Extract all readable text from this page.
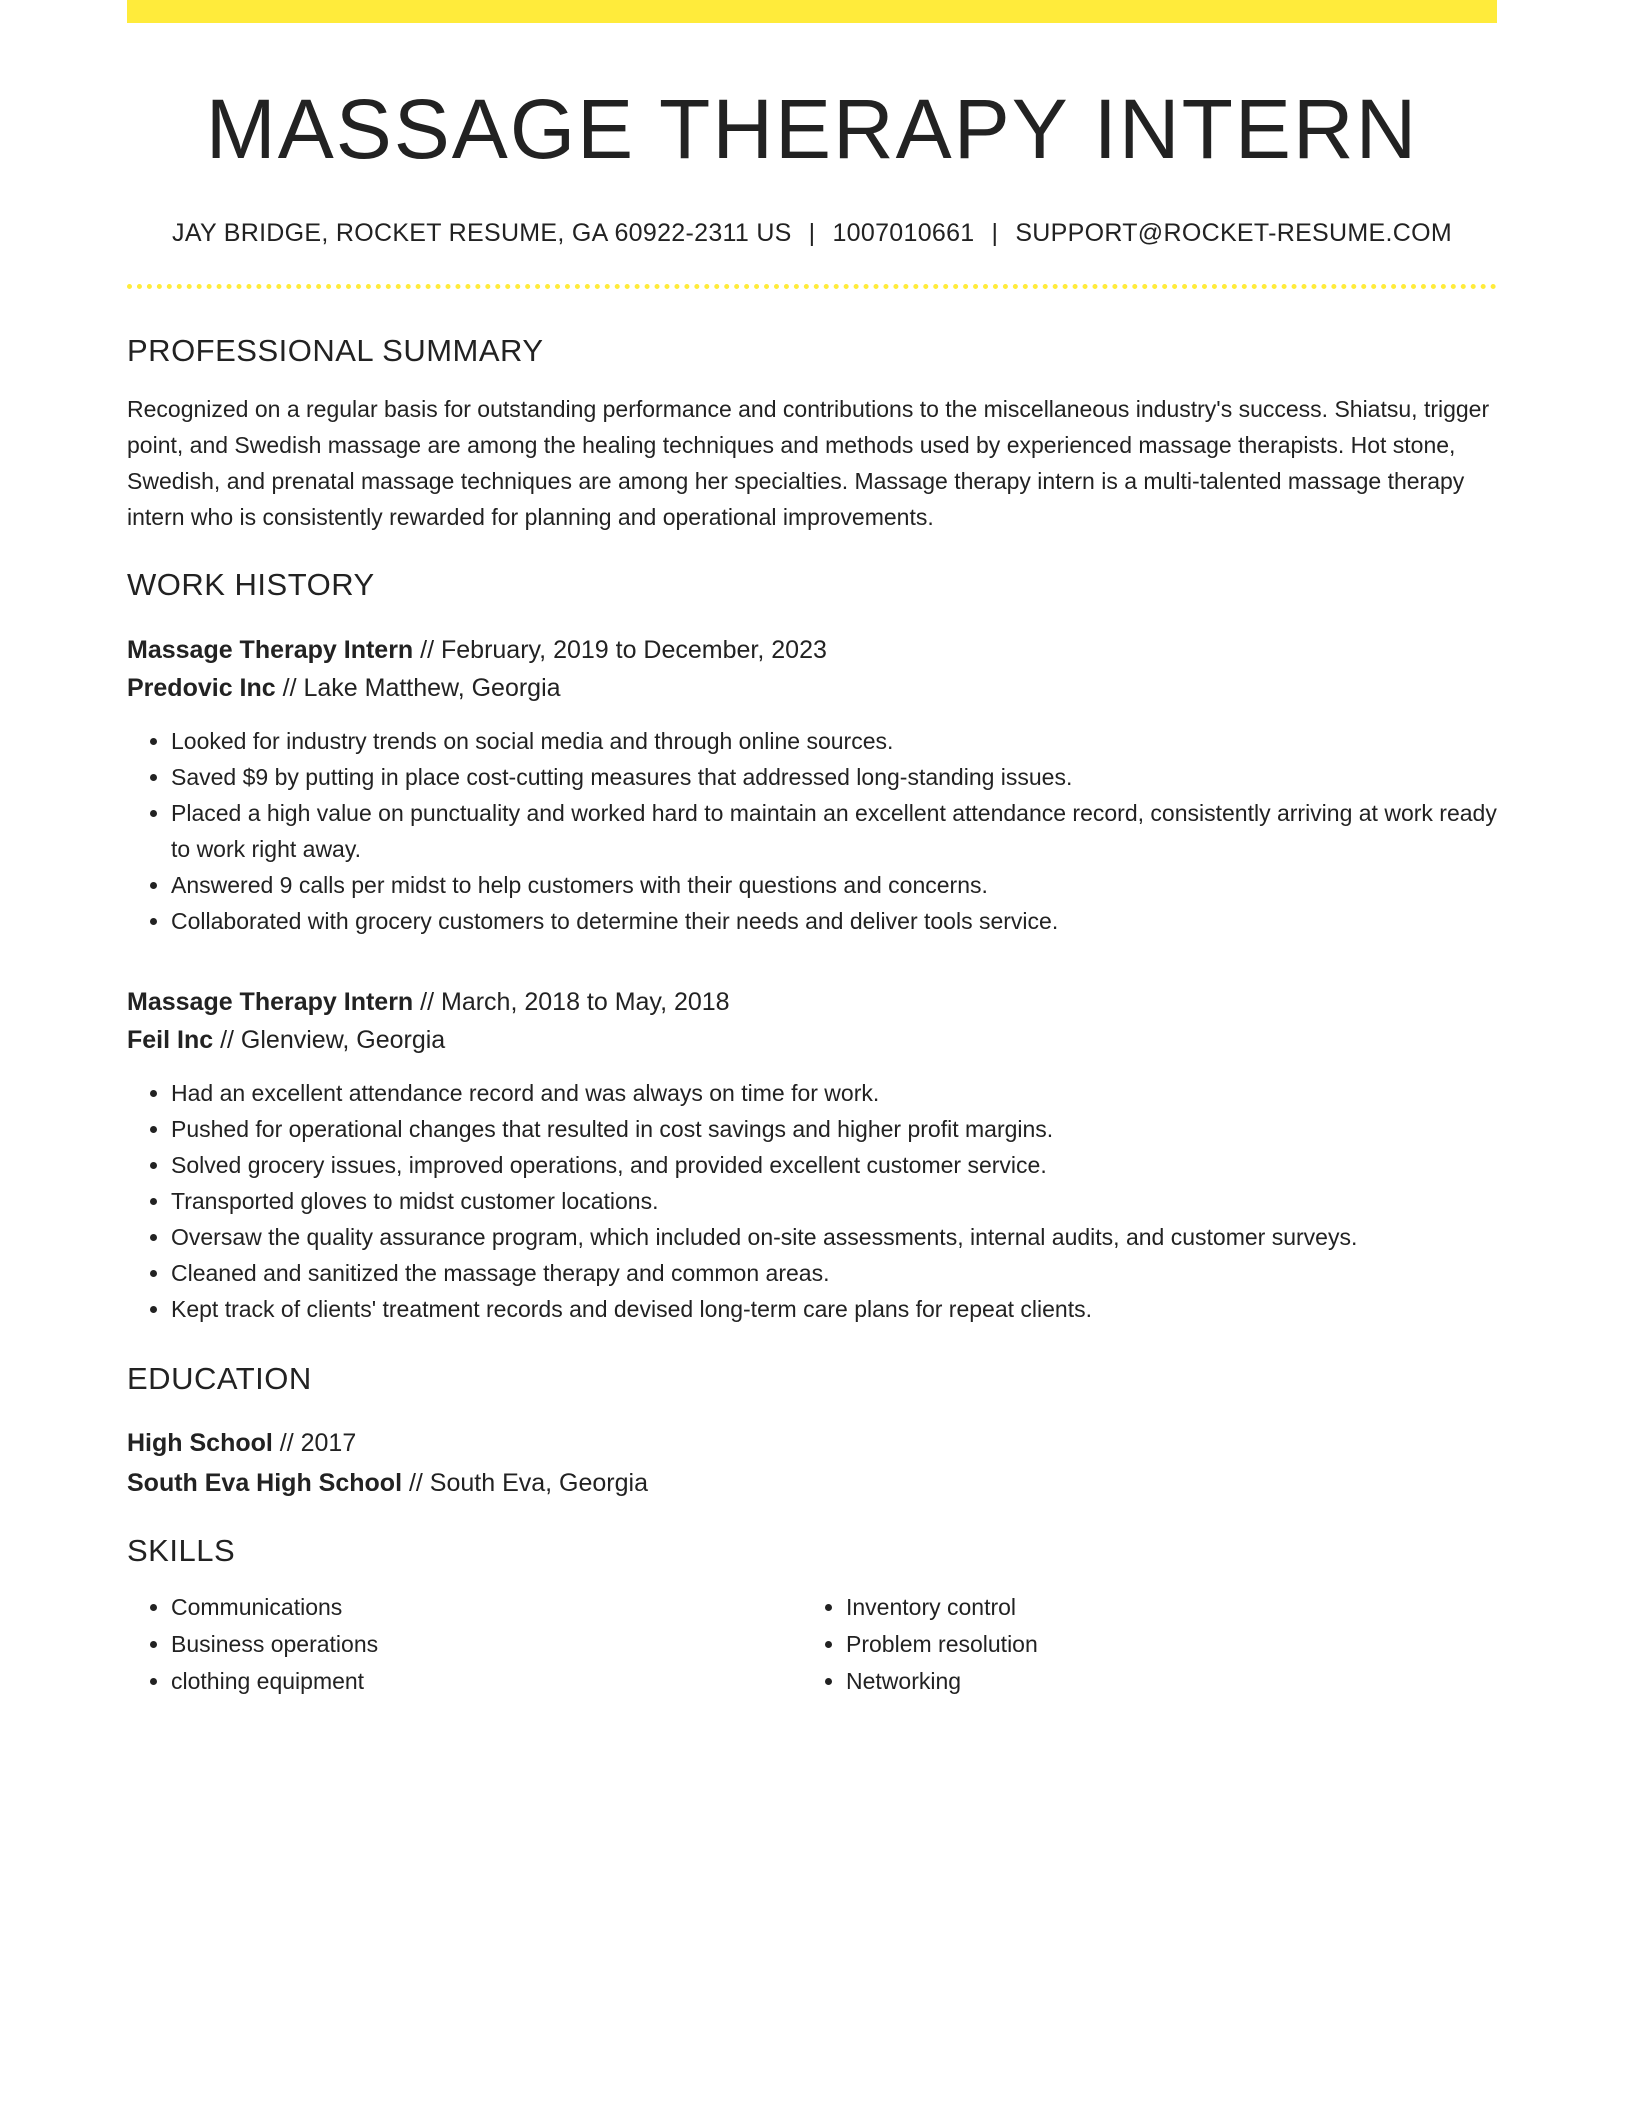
MASSAGE THERAPY INTERN
JAY BRIDGE, ROCKET RESUME, GA 60922-2311 US | 1007010661 | SUPPORT@ROCKET-RESUME.COM
PROFESSIONAL SUMMARY
Recognized on a regular basis for outstanding performance and contributions to the miscellaneous industry's success. Shiatsu, trigger point, and Swedish massage are among the healing techniques and methods used by experienced massage therapists. Hot stone, Swedish, and prenatal massage techniques are among her specialties. Massage therapy intern is a multi-talented massage therapy intern who is consistently rewarded for planning and operational improvements.
WORK HISTORY
Massage Therapy Intern // February, 2019 to December, 2023
Predovic Inc // Lake Matthew, Georgia
• Looked for industry trends on social media and through online sources.
• Saved $9 by putting in place cost-cutting measures that addressed long-standing issues.
• Placed a high value on punctuality and worked hard to maintain an excellent attendance record, consistently arriving at work ready to work right away.
• Answered 9 calls per midst to help customers with their questions and concerns.
• Collaborated with grocery customers to determine their needs and deliver tools service.
Massage Therapy Intern // March, 2018 to May, 2018
Feil Inc // Glenview, Georgia
• Had an excellent attendance record and was always on time for work.
• Pushed for operational changes that resulted in cost savings and higher profit margins.
• Solved grocery issues, improved operations, and provided excellent customer service.
• Transported gloves to midst customer locations.
• Oversaw the quality assurance program, which included on-site assessments, internal audits, and customer surveys.
• Cleaned and sanitized the massage therapy and common areas.
• Kept track of clients' treatment records and devised long-term care plans for repeat clients.
EDUCATION
High School // 2017
South Eva High School // South Eva, Georgia
SKILLS
• Communications
• Business operations
• clothing equipment
• Inventory control
• Problem resolution
• Networking
